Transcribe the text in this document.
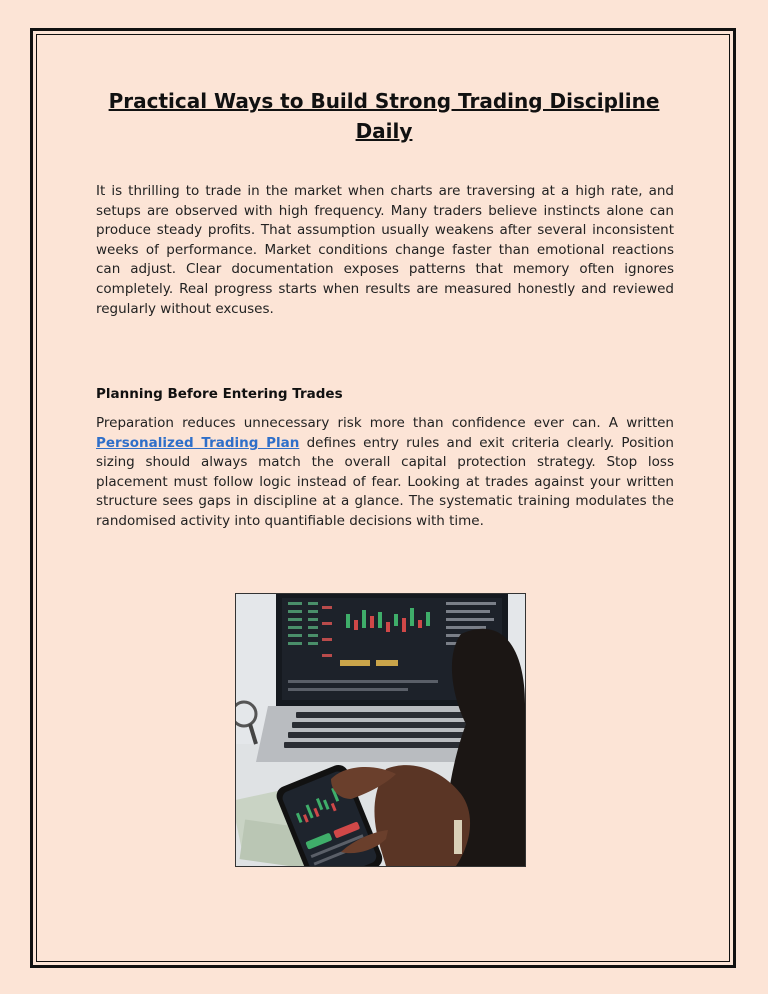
Practical Ways to Build Strong Trading Discipline Daily

It is thrilling to trade in the market when charts are traversing at a high rate, and setups are observed with high frequency. Many traders believe instincts alone can produce steady profits. That assumption usually weakens after several inconsistent weeks of performance. Market conditions change faster than emotional reactions can adjust. Clear documentation exposes patterns that memory often ignores completely. Real progress starts when results are measured honestly and reviewed regularly without excuses.

Planning Before Entering Trades

Preparation reduces unnecessary risk more than confidence ever can. A written Personalized Trading Plan defines entry rules and exit criteria clearly. Position sizing should always match the overall capital protection strategy. Stop loss placement must follow logic instead of fear. Looking at trades against your written structure sees gaps in discipline at a glance. The systematic training modulates the randomised activity into quantifiable decisions with time.
